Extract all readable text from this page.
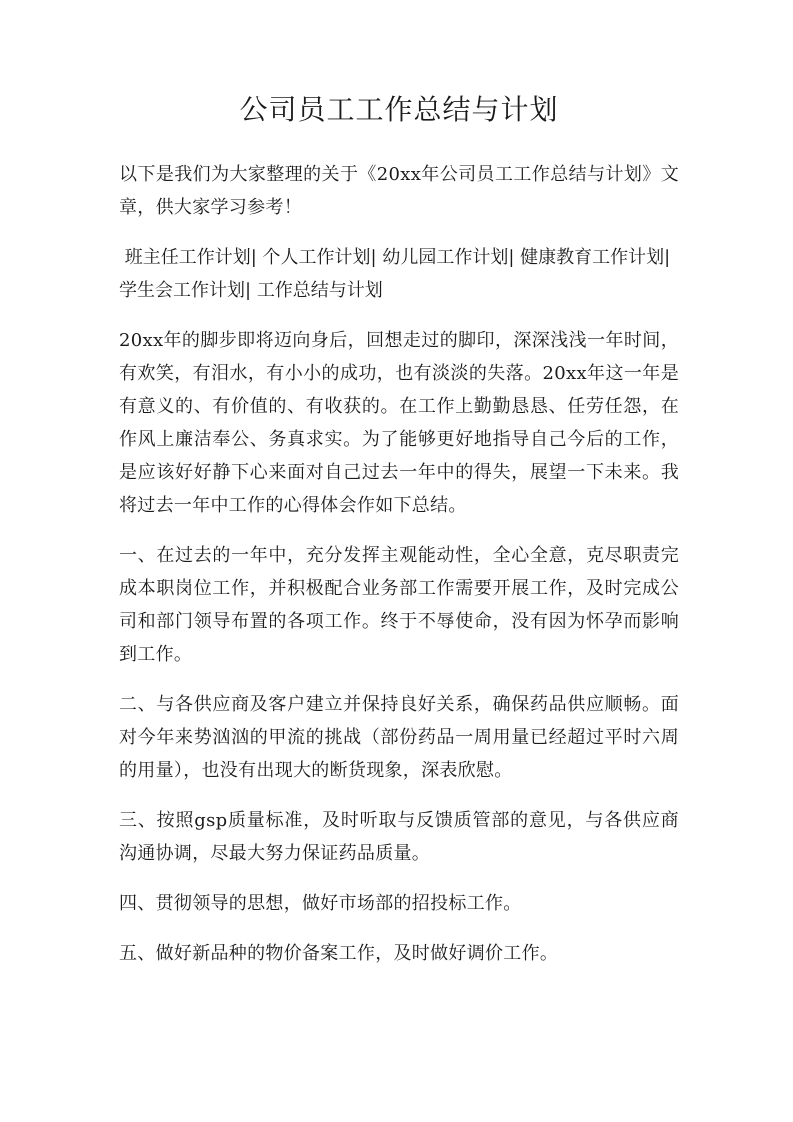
公司员工工作总结与计划

以下是我们为大家整理的关于《20xx年公司员工工作总结与计划》文章，供大家学习参考！

班主任工作计划| 个人工作计划| 幼儿园工作计划| 健康教育工作计划| 学生会工作计划| 工作总结与计划

20xx年的脚步即将迈向身后，回想走过的脚印，深深浅浅一年时间，有欢笑，有泪水，有小小的成功，也有淡淡的失落。20xx年这一年是有意义的、有价值的、有收获的。在工作上勤勤恳恳、任劳任怨，在作风上廉洁奉公、务真求实。为了能够更好地指导自己今后的工作，是应该好好静下心来面对自己过去一年中的得失，展望一下未来。我将过去一年中工作的心得体会作如下总结。

一、在过去的一年中，充分发挥主观能动性，全心全意，克尽职责完成本职岗位工作，并积极配合业务部工作需要开展工作，及时完成公司和部门领导布置的各项工作。终于不辱使命，没有因为怀孕而影响到工作。

二、与各供应商及客户建立并保持良好关系，确保药品供应顺畅。面对今年来势汹汹的甲流的挑战（部份药品一周用量已经超过平时六周的用量），也没有出现大的断货现象，深表欣慰。

三、按照gsp质量标准，及时听取与反馈质管部的意见，与各供应商沟通协调，尽最大努力保证药品质量。

四、贯彻领导的思想，做好市场部的招投标工作。

五、做好新品种的物价备案工作，及时做好调价工作。
